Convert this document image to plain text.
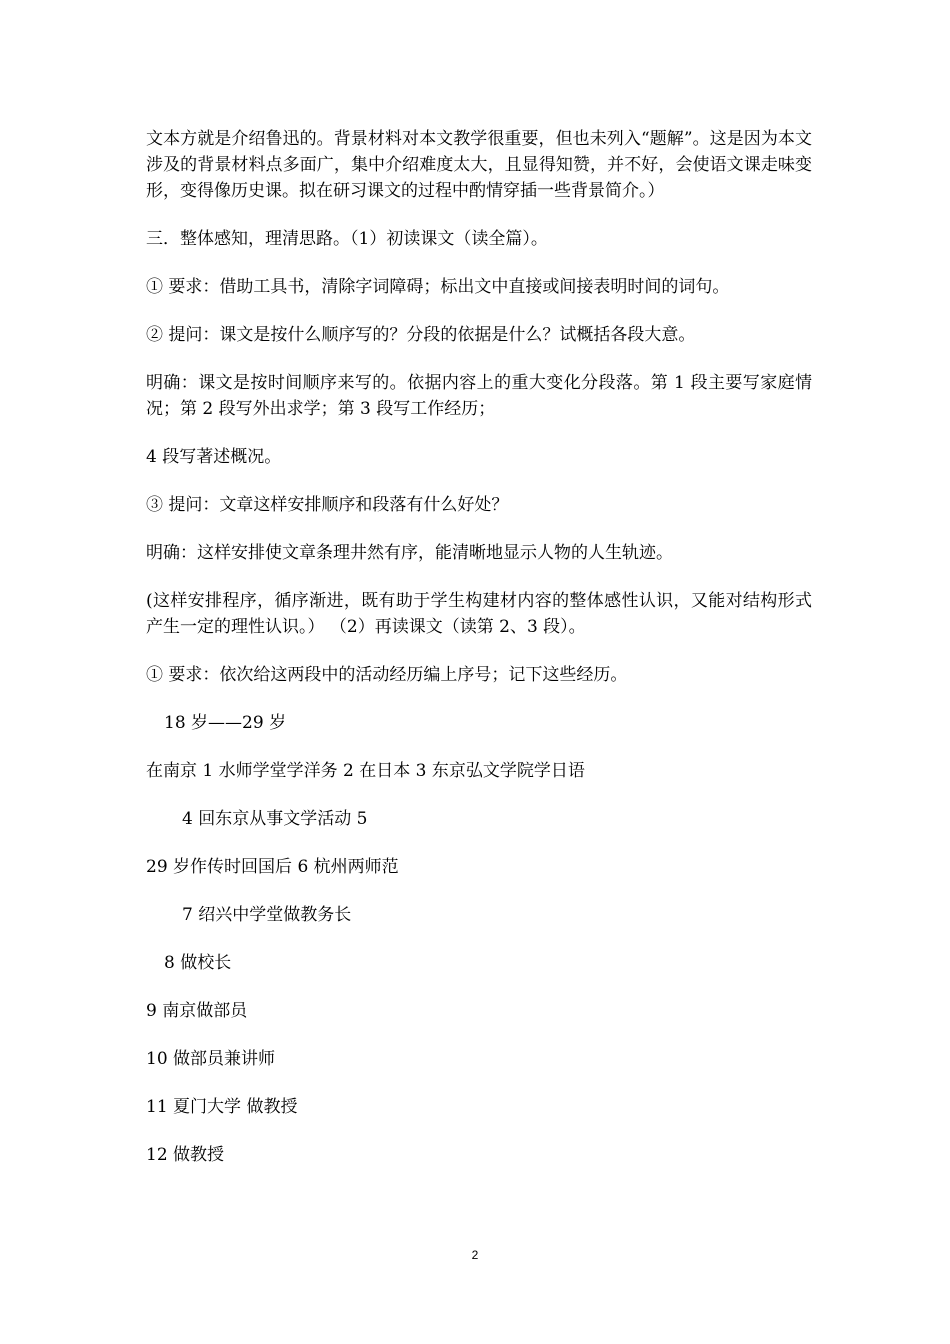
文本方就是介绍鲁迅的。背景材料对本文教学很重要，但也未列入“题解”。这是因为本文涉及的背景材料点多面广，集中介绍难度太大，且显得知赞，并不好，会使语文课走味变形，变得像历史课。拟在研习课文的过程中酌情穿插一些背景简介。）

三．整体感知，理清思路。（1）初读课文（读全篇）。

① 要求：借助工具书，清除字词障碍；标出文中直接或间接表明时间的词句。

② 提问：课文是按什么顺序写的？分段的依据是什么？试概括各段大意。

明确：课文是按时间顺序来写的。依据内容上的重大变化分段落。第 1 段主要写家庭情况；第 2 段写外出求学；第 3 段写工作经历；

4 段写著述概况。

③ 提问：文章这样安排顺序和段落有什么好处？

明确：这样安排使文章条理井然有序，能清晰地显示人物的人生轨迹。

(这样安排程序，循序渐进，既有助于学生构建材内容的整体感性认识，又能对结构形式产生一定的理性认识。） （2）再读课文（读第 2、3 段）。

① 要求：依次给这两段中的活动经历编上序号；记下这些经历。

18 岁——29 岁

在南京 1 水师学堂学洋务 2 在日本 3 东京弘文学院学日语

4 回东京从事文学活动 5

29 岁作传时回国后 6 杭州两师范

7 绍兴中学堂做教务长

8 做校长

9 南京做部员

10 做部员兼讲师

11 夏门大学 做教授

12 做教授

2
